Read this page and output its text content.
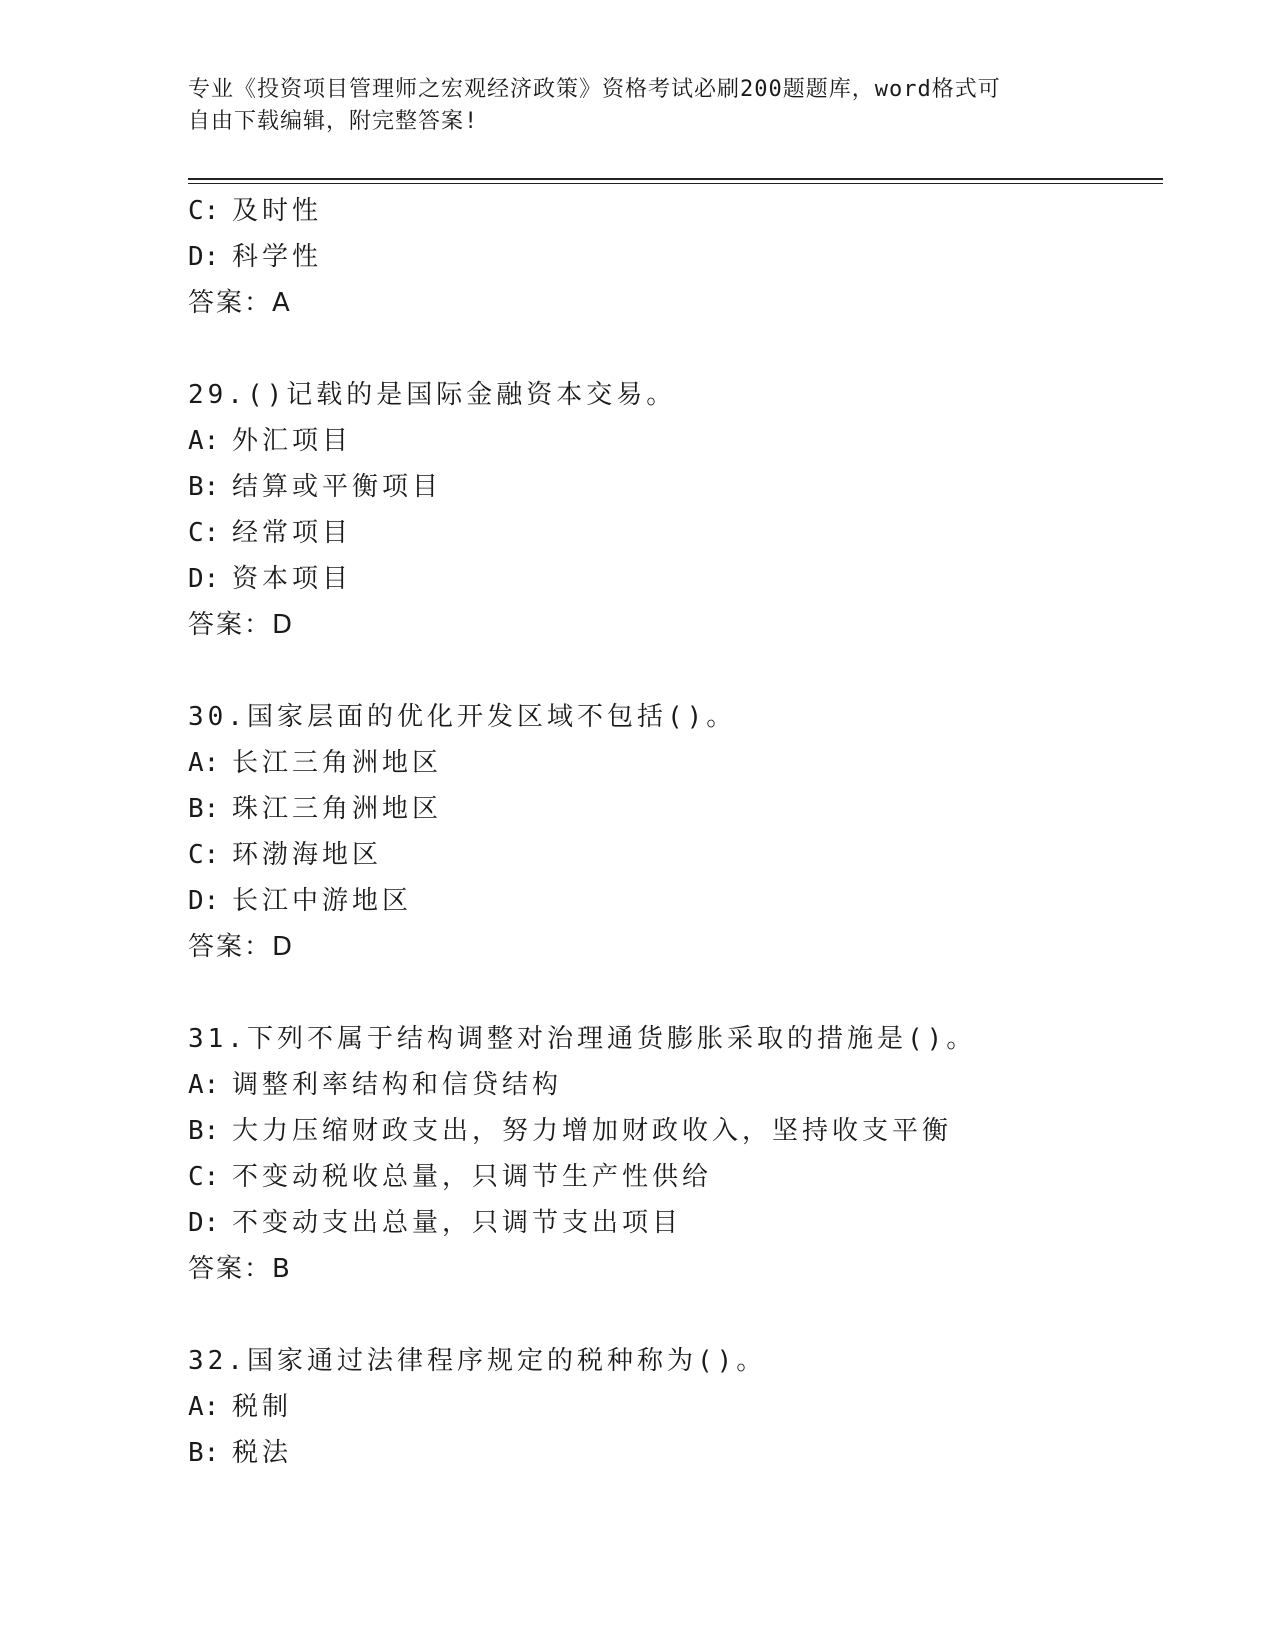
专业《投资项目管理师之宏观经济政策》资格考试必刷200题题库，word格式可
自由下载编辑，附完整答案!
C: 及时性
D: 科学性
答案：A
29.()记载的是国际金融资本交易。
A: 外汇项目
B: 结算或平衡项目
C: 经常项目
D: 资本项目
答案：D
30.国家层面的优化开发区域不包括()。
A: 长江三角洲地区
B: 珠江三角洲地区
C: 环渤海地区
D: 长江中游地区
答案：D
31.下列不属于结构调整对治理通货膨胀采取的措施是()。
A: 调整利率结构和信贷结构
B: 大力压缩财政支出，努力增加财政收入，坚持收支平衡
C: 不变动税收总量，只调节生产性供给
D: 不变动支出总量，只调节支出项目
答案：B
32.国家通过法律程序规定的税种称为()。
A: 税制
B: 税法
